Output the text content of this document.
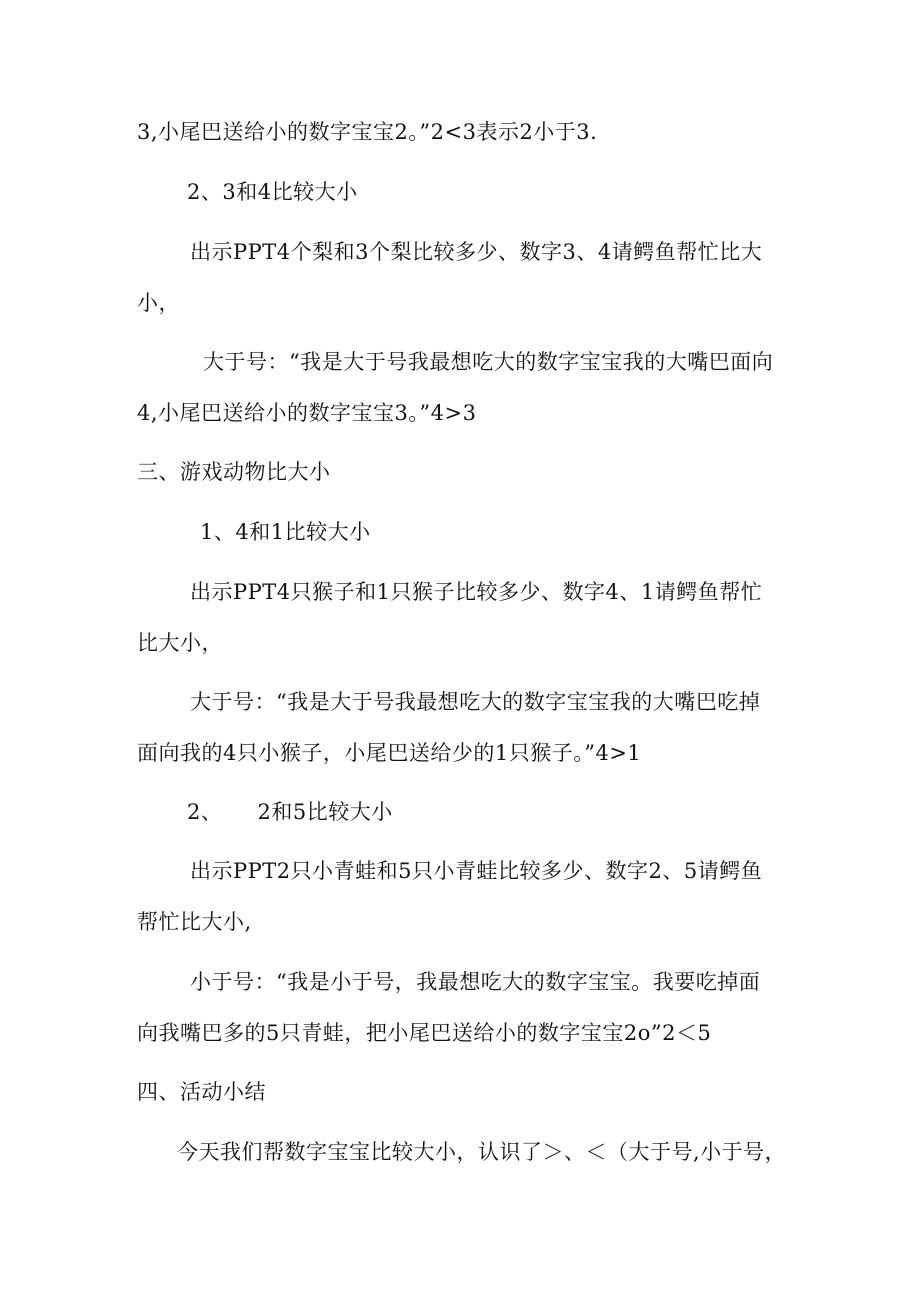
3,小尾巴送给小的数字宝宝2。”2<3表示2小于3.
2、3和4比较大小
出示PPT4个梨和3个梨比较多少、数字3、4请鳄鱼帮忙比大
小，
大于号：“我是大于号我最想吃大的数字宝宝我的大嘴巴面向
4,小尾巴送给小的数字宝宝3。”4>3
三、游戏动物比大小
1、4和1比较大小
出示PPT4只猴子和1只猴子比较多少、数字4、1请鳄鱼帮忙
比大小，
大于号：“我是大于号我最想吃大的数字宝宝我的大嘴巴吃掉
面向我的4只小猴子，小尾巴送给少的1只猴子。”4>1
2、 2和5比较大小
出示PPT2只小青蛙和5只小青蛙比较多少、数字2、5请鳄鱼
帮忙比大小,
小于号：“我是小于号，我最想吃大的数字宝宝。我要吃掉面
向我嘴巴多的5只青蛙，把小尾巴送给小的数字宝宝2o”2＜5
四、活动小结
今天我们帮数字宝宝比较大小，认识了＞、＜（大于号,小于号，
